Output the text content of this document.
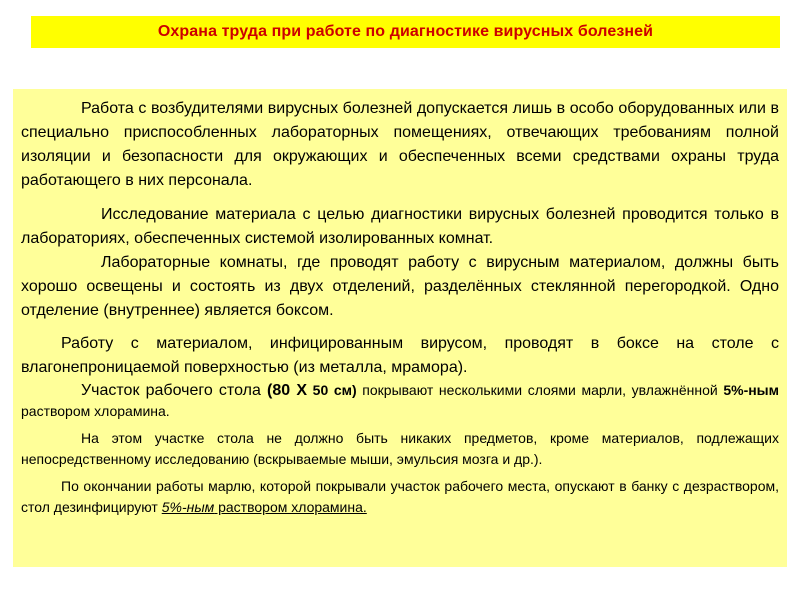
Охрана труда при работе по диагностике вирусных болезней

Работа с возбудителями вирусных болезней допускается лишь в особо оборудованных или в специально приспособленных лабораторных помещениях, отвечающих требованиям полной изоляции и безопасности для окружающих и обеспеченных всеми средствами охраны труда работающего в них персонала.

Исследование материала с целью диагностики вирусных болезней проводится только в лабораториях, обеспеченных системой изолированных комнат.

Лабораторные комнаты, где проводят работу с вирусным материалом, должны быть хорошо освещены и состоять из двух отделений, разделённых стеклянной перегородкой. Одно отделение (внутреннее) является боксом.

Работу с материалом, инфицированным вирусом, проводят в боксе на столе с влагонепроницаемой поверхностью (из металла, мрамора).

Участок рабочего стола (80 Х 50 см) покрывают несколькими слоями марли, увлажнённой 5%-ным раствором хлорамина.

На этом участке стола не должно быть никаких предметов, кроме материалов, подлежащих непосредственному исследованию (вскрываемые мыши, эмульсия мозга и др.).

По окончании работы марлю, которой покрывали участок рабочего места, опускают в банку с дезраствором, стол дезинфицируют 5%-ным раствором хлорамина.
